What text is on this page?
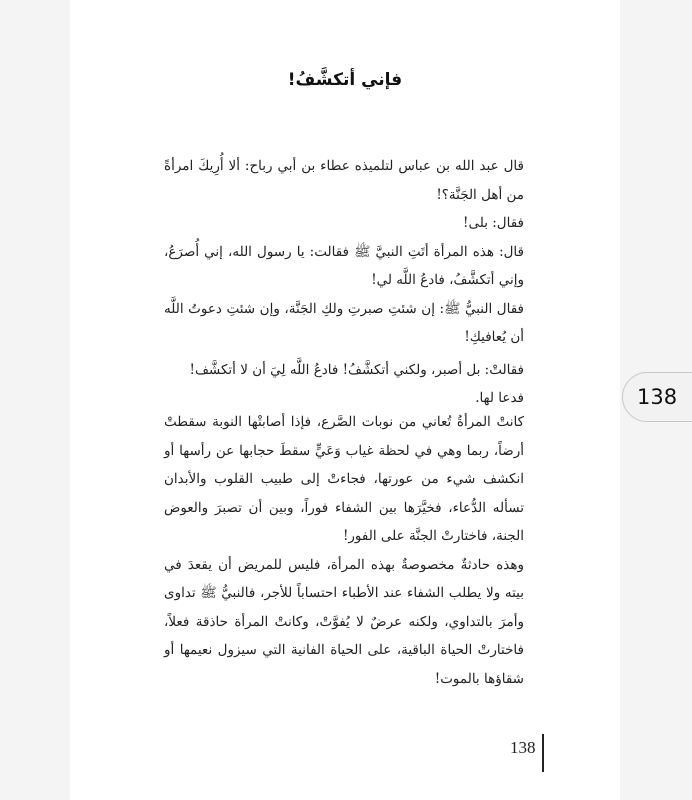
فإني أتكشَّفُ!

قال عبد الله بن عباس لتلميذه عطاء بن أبي رباح: ألا أُرِيكَ امرأةً من أهل الجَنَّة؟!

فقال: بلى!

قال: هذه المرأة أتَتِ النبيَّ ﷺ فقالت: يا رسول الله، إني أُصرَعُ، وإني أتكشَّفُ، فادعُ اللَّه لي!

فقال النبيُّ ﷺ: إن شئتِ صبرتِ ولكِ الجَنَّة، وإن شئتِ دعوتُ اللَّه أن يُعافيكِ!

فقالتْ: بل أصبر، ولكني أتكشَّفُ! فادعُ اللَّه لِيَ أن لا أتكشَّف!

فدعا لها.

كانتْ المرأةُ تُعاني من نوبات الصَّرع، فإذا أصابتْها النوبة سقطتْ أرضاً، ربما وهي في لحظة غياب وَعَيٍّ سقطَ حجابها عن رأسها أو انكشف شيء من عورتها، فجاءتْ إلى طبيب القلوب والأبدان تسأله الدُّعاء، فخيَّرَها بين الشفاء فوراً، وبين أن تصبرَ والعوض الجنة، فاختارتْ الجنَّة على الفور!

وهذه حادثةٌ مخصوصةٌ بهذه المرأة، فليس للمريض أن يقعدَ في بيته ولا يطلب الشفاء عند الأطباء احتساباً للأجر، فالنبيُّ ﷺ تداوى وأمرَ بالتداوي، ولكنه عرضٌ لا يُفوَّتْ، وكانتْ المرأة حاذقة فعلاً، فاختارتْ الحياة الباقية، على الحياة الفانية التي سيزول نعيمها أو شقاؤها بالموت!

138
138
